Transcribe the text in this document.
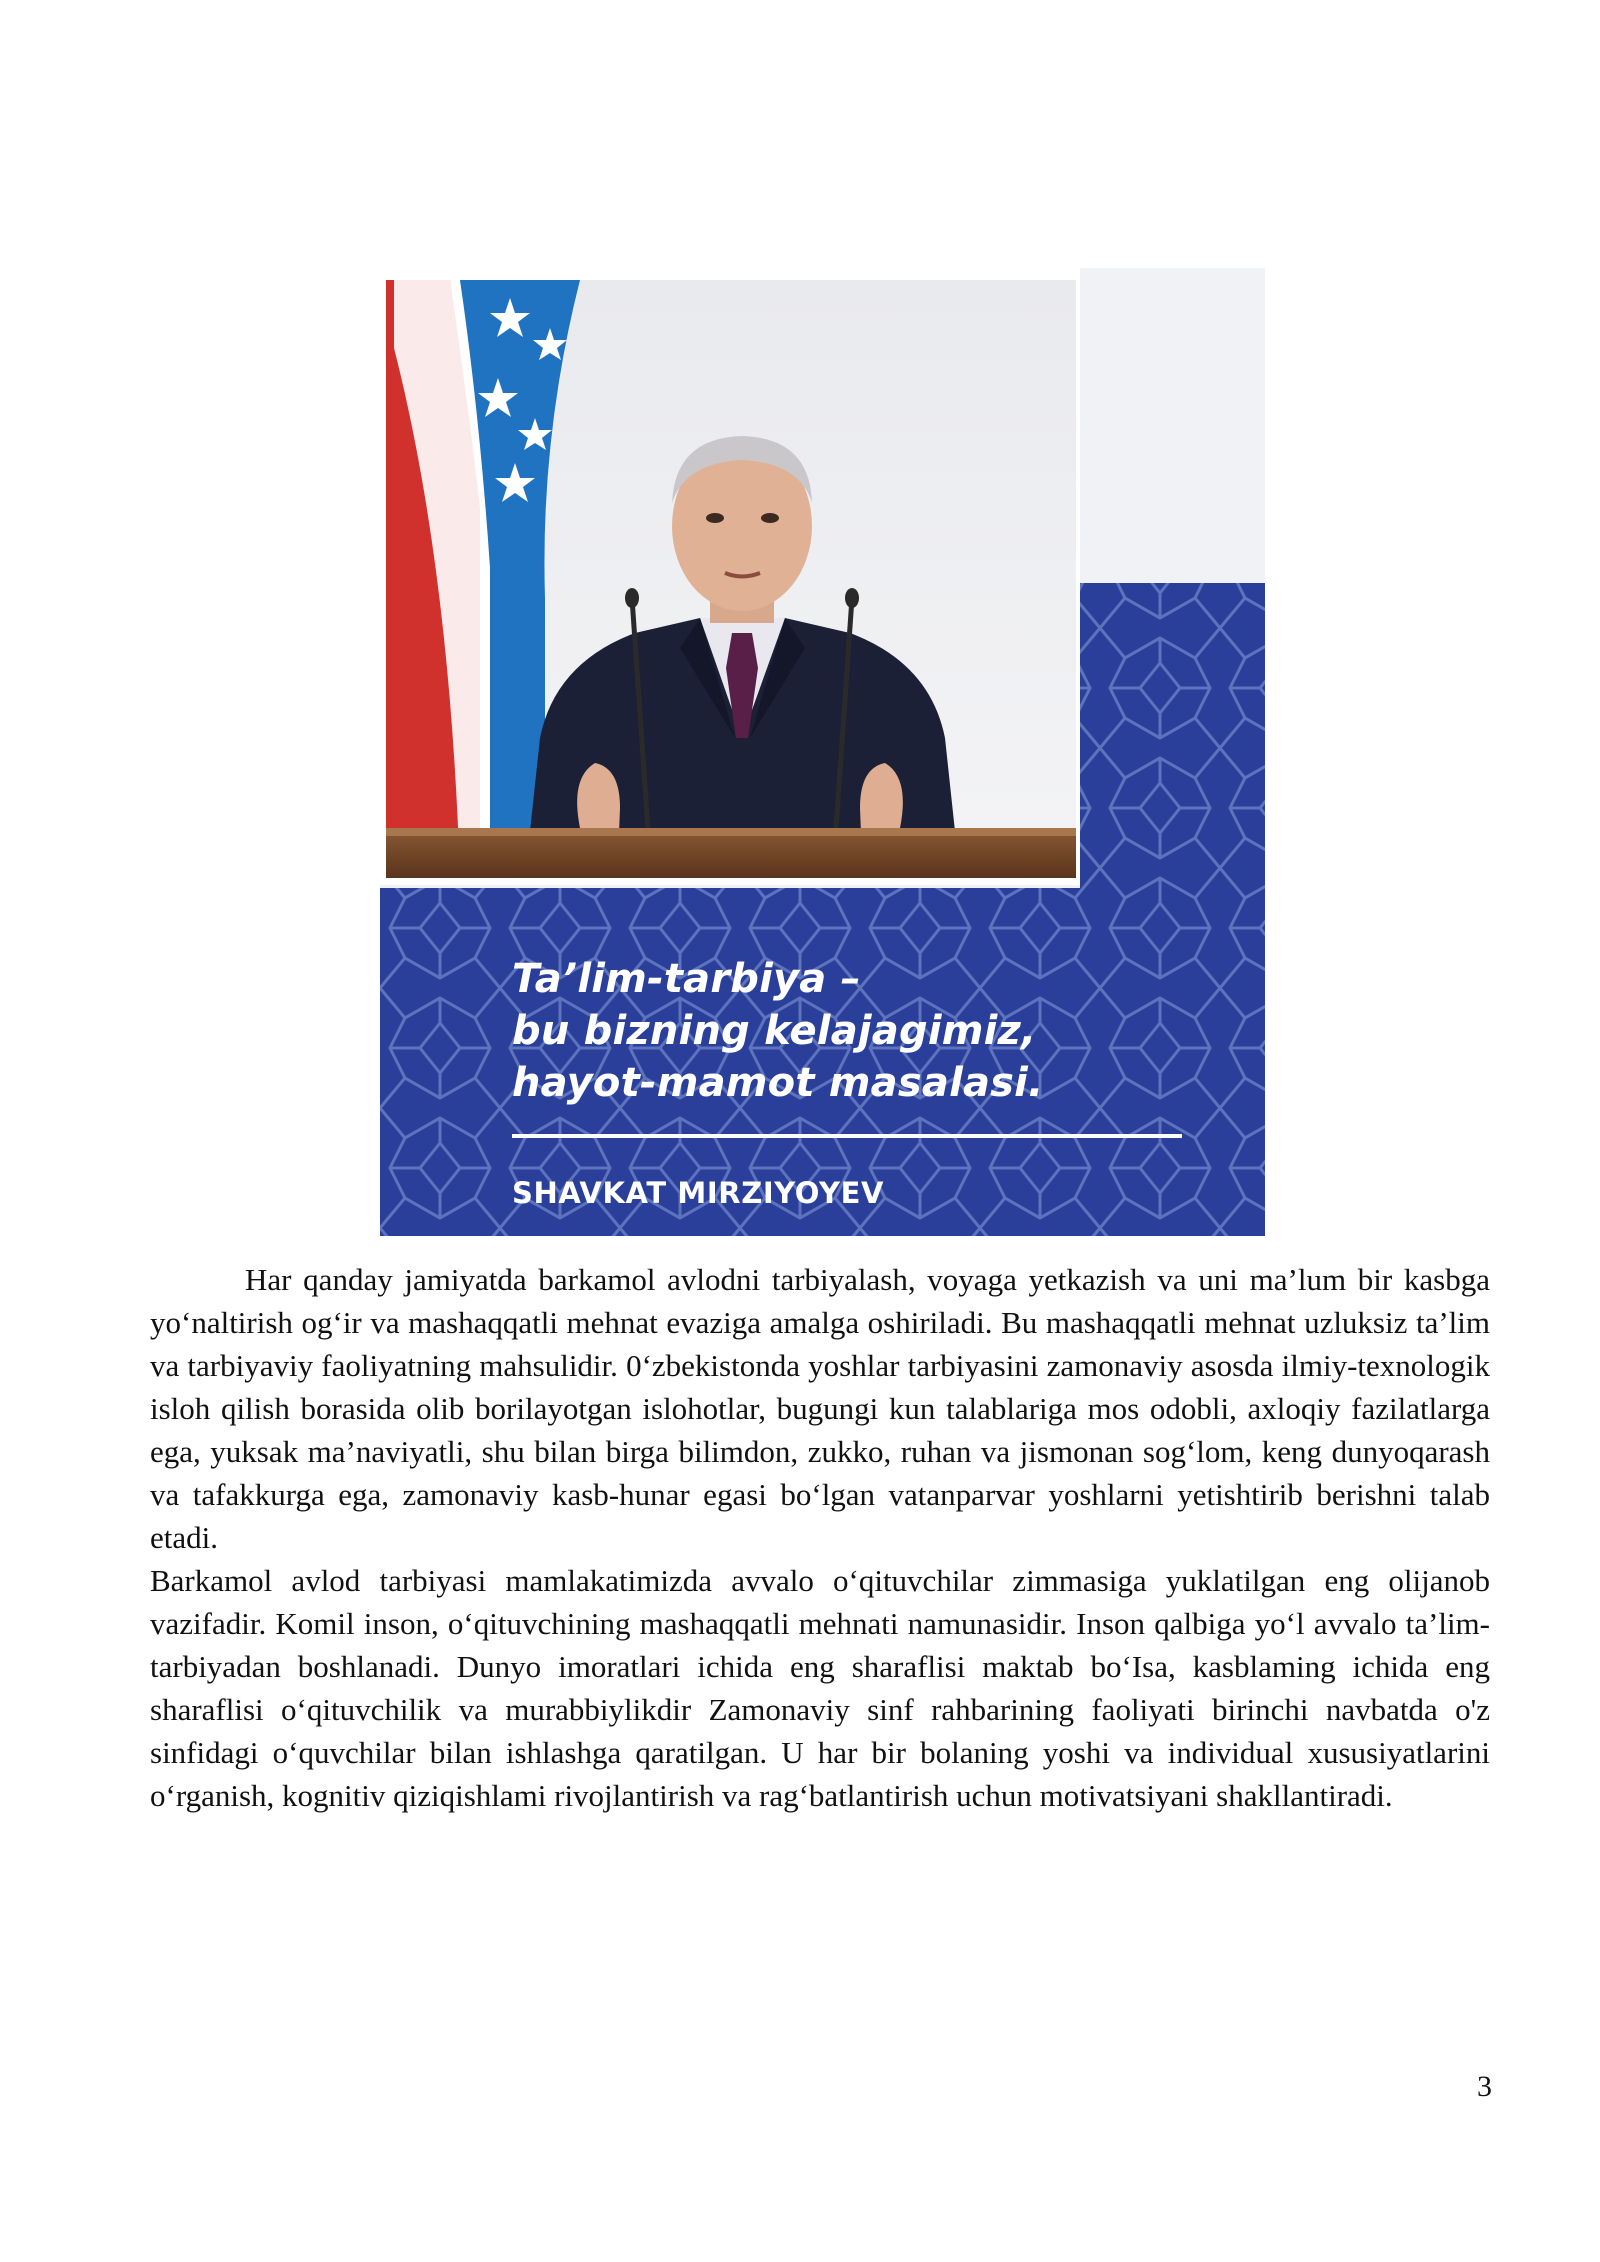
Ta’lim-tarbiya –
bu bizning kelajagimiz,
hayot-mamot masalasi.
SHAVKAT MIRZIYOYEV

Har qanday jamiyatda barkamol avlodni tarbiyalash, voyaga yetkazish va uni ma’lum bir kasbga yo‘naltirish og‘ir va mashaqqatli mehnat evaziga amalga oshiriladi. Bu mashaqqatli mehnat uzluksiz ta’lim va tarbiyaviy faoliyatning mahsulidir. 0‘zbekistonda yoshlar tarbiyasini zamonaviy asosda ilmiy-texnologik isloh qilish borasida olib borilayotgan islohotlar, bugungi kun talablariga mos odobli, axloqiy fazilatlarga ega, yuksak ma’naviyatli, shu bilan birga bilimdon, zukko, ruhan va jismonan sog‘lom, keng dunyoqarash va tafakkurga ega, zamonaviy kasb-hunar egasi bo‘lgan vatanparvar yoshlarni yetishtirib berishni talab etadi.

Barkamol avlod tarbiyasi mamlakatimizda avvalo o‘qituvchilar zimmasiga yuklatilgan eng olijanob vazifadir. Komil inson, o‘qituvchining mashaqqatli mehnati namunasidir. Inson qalbiga yo‘l avvalo ta’lim-tarbiyadan boshlanadi. Dunyo imoratlari ichida eng sharaflisi maktab bo‘Isa, kasblaming ichida eng sharaflisi o‘qituvchilik va murabbiylikdir Zamonaviy sinf rahbarining faoliyati birinchi navbatda o'z sinfidagi o‘quvchilar bilan ishlashga qaratilgan. U har bir bolaning yoshi va individual xususiyatlarini o‘rganish, kognitiv qiziqishlami rivojlantirish va rag‘batlantirish uchun motivatsiyani shakllantiradi.

3
